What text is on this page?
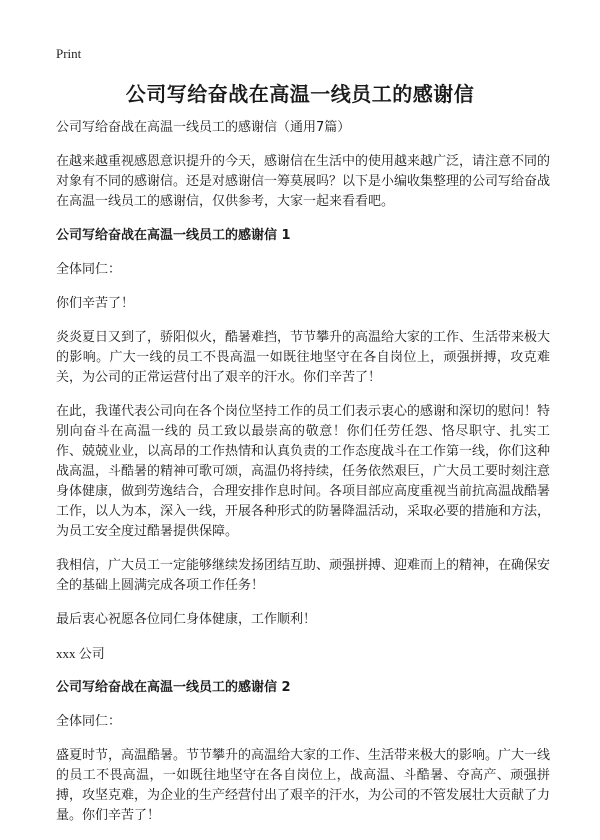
Print
公司写给奋战在高温一线员工的感谢信

公司写给奋战在高温一线员工的感谢信（通用7篇）

在越来越重视感恩意识提升的今天，感谢信在生活中的使用越来越广泛，请注意不同的对象有不同的感谢信。还是对感谢信一筹莫展吗？以下是小编收集整理的公司写给奋战在高温一线员工的感谢信，仅供参考，大家一起来看看吧。

公司写给奋战在高温一线员工的感谢信 1

全体同仁：

你们辛苦了！

炎炎夏日又到了，骄阳似火，酷暑难挡，节节攀升的高温给大家的工作、生活带来极大的影响。广大一线的员工不畏高温一如既往地坚守在各自岗位上，顽强拼搏，攻克难关，为公司的正常运营付出了艰辛的汗水。你们辛苦了！

在此，我谨代表公司向在各个岗位坚持工作的员工们表示衷心的感谢和深切的慰问！特别向奋斗在高温一线的 员工致以最崇高的敬意！你们任劳任怨、恪尽职守、扎实工作、兢兢业业，以高昂的工作热情和认真负责的工作态度战斗在工作第一线，你们这种战高温，斗酷暑的精神可歌可颂，高温仍将持续，任务依然艰巨，广大员工要时刻注意身体健康，做到劳逸结合，合理安排作息时间。各项目部应高度重视当前抗高温战酷暑工作，以人为本，深入一线，开展各种形式的防暑降温活动，采取必要的措施和方法，为员工安全度过酷暑提供保障。

我相信，广大员工一定能够继续发扬团结互助、顽强拼搏、迎难而上的精神，在确保安全的基础上圆满完成各项工作任务！

最后衷心祝愿各位同仁身体健康，工作顺利！

xxx 公司

公司写给奋战在高温一线员工的感谢信 2

全体同仁：

盛夏时节，高温酷暑。节节攀升的高温给大家的工作、生活带来极大的影响。广大一线的员工不畏高温，一如既往地坚守在各自岗位上，战高温、斗酷暑、夺高产、顽强拼搏，攻坚克难，为企业的生产经营付出了艰辛的汗水，为公司的不管发展壮大贡献了力量。你们辛苦了！
